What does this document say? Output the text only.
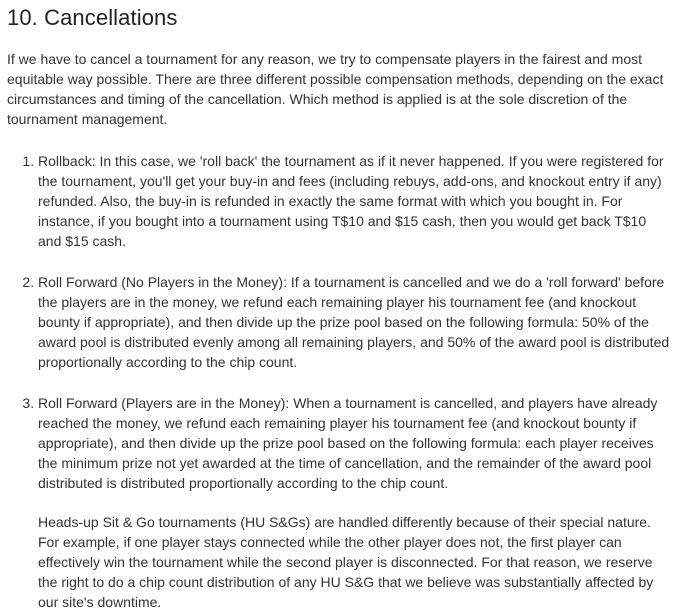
10. Cancellations

If we have to cancel a tournament for any reason, we try to compensate players in the fairest and most equitable way possible. There are three different possible compensation methods, depending on the exact circumstances and timing of the cancellation. Which method is applied is at the sole discretion of the tournament management.

1. Rollback: In this case, we 'roll back' the tournament as if it never happened. If you were registered for the tournament, you'll get your buy-in and fees (including rebuys, add-ons, and knockout entry if any) refunded. Also, the buy-in is refunded in exactly the same format with which you bought in. For instance, if you bought into a tournament using T$10 and $15 cash, then you would get back T$10 and $15 cash.

2. Roll Forward (No Players in the Money): If a tournament is cancelled and we do a 'roll forward' before the players are in the money, we refund each remaining player his tournament fee (and knockout bounty if appropriate), and then divide up the prize pool based on the following formula: 50% of the award pool is distributed evenly among all remaining players, and 50% of the award pool is distributed proportionally according to the chip count.

3. Roll Forward (Players are in the Money): When a tournament is cancelled, and players have already reached the money, we refund each remaining player his tournament fee (and knockout bounty if appropriate), and then divide up the prize pool based on the following formula: each player receives the minimum prize not yet awarded at the time of cancellation, and the remainder of the award pool distributed is distributed proportionally according to the chip count.

Heads-up Sit & Go tournaments (HU S&Gs) are handled differently because of their special nature. For example, if one player stays connected while the other player does not, the first player can effectively win the tournament while the second player is disconnected. For that reason, we reserve the right to do a chip count distribution of any HU S&G that we believe was substantially affected by our site's downtime.
